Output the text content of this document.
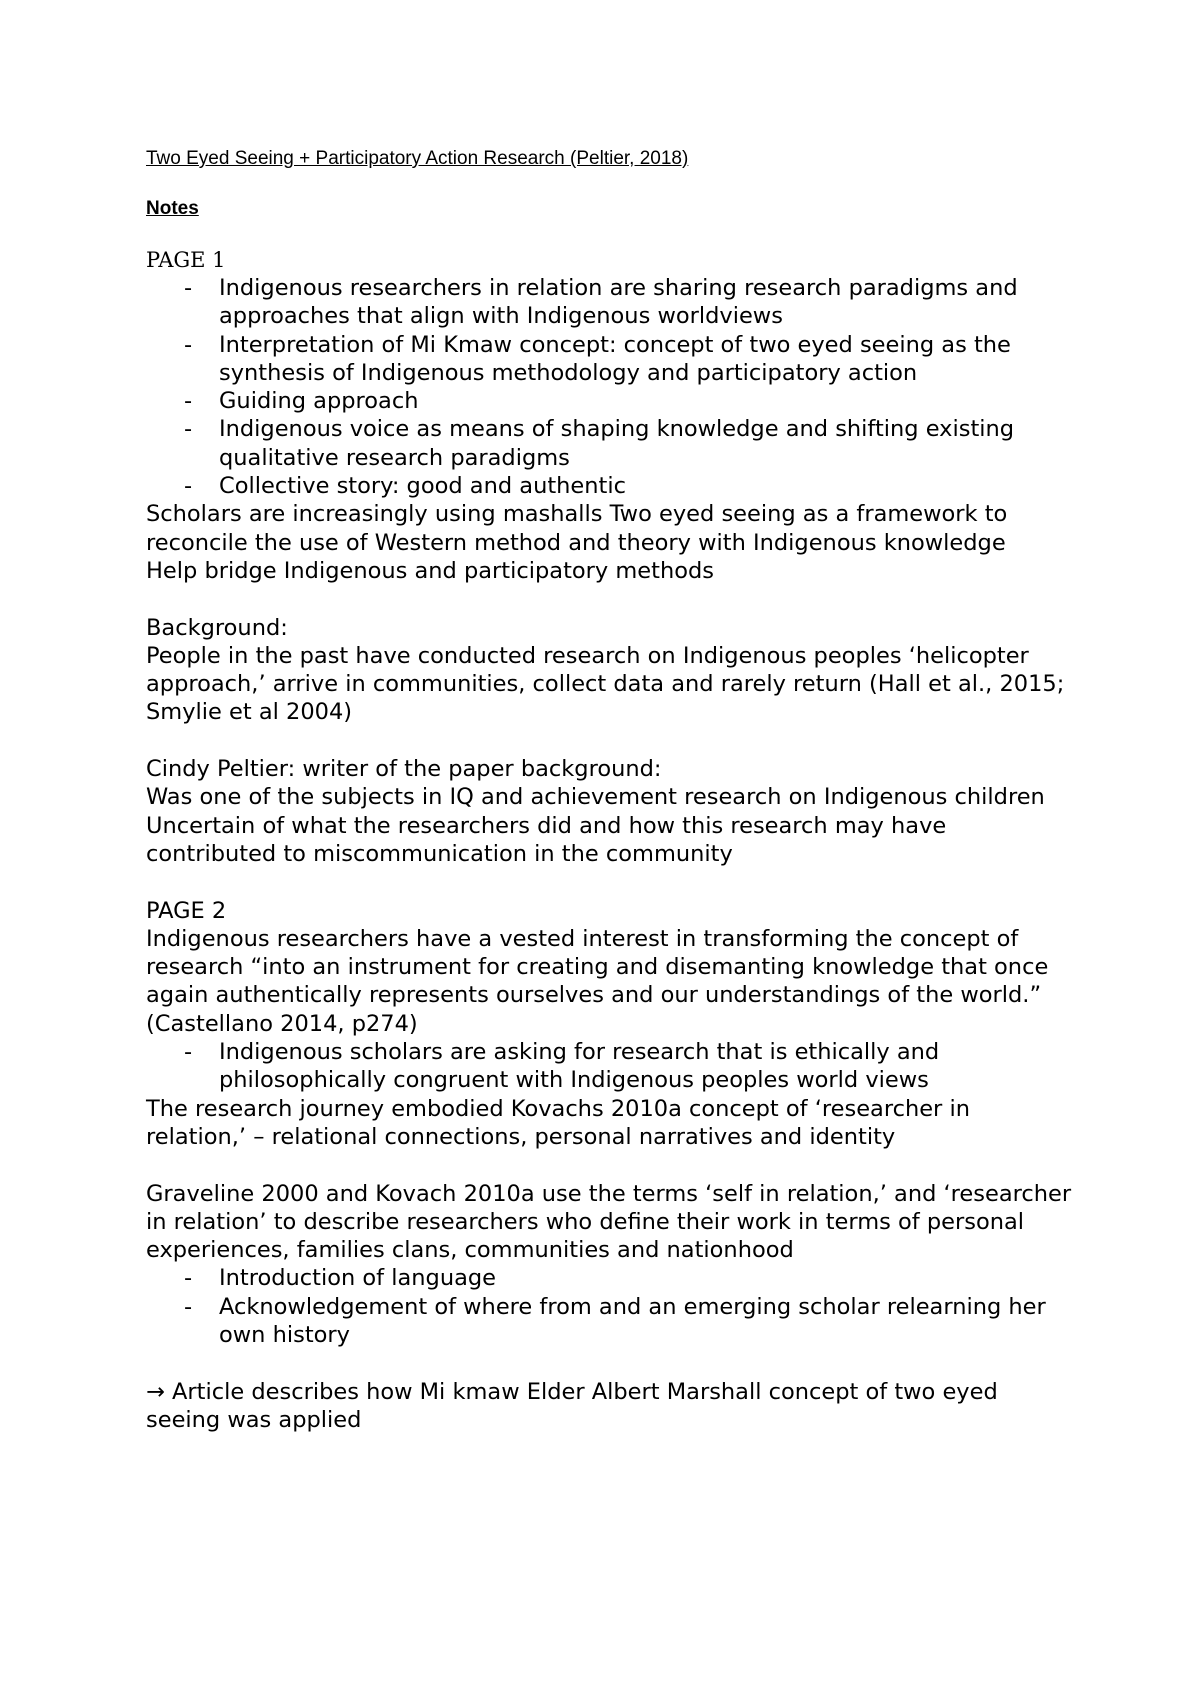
Two Eyed Seeing + Participatory Action Research (Peltier, 2018)
Notes
PAGE 1
- Indigenous researchers in relation are sharing research paradigms and approaches that align with Indigenous worldviews
- Interpretation of Mi Kmaw concept: concept of two eyed seeing as the synthesis of Indigenous methodology and participatory action
- Guiding approach
- Indigenous voice as means of shaping knowledge and shifting existing qualitative research paradigms
- Collective story: good and authentic

Scholars are increasingly using mashalls Two eyed seeing as a framework to reconcile the use of Western method and theory with Indigenous knowledge

Help bridge Indigenous and participatory methods

Background:

People in the past have conducted research on Indigenous peoples ‘helicopter approach,’ arrive in communities, collect data and rarely return (Hall et al., 2015; Smylie et al 2004)

Cindy Peltier: writer of the paper background:

Was one of the subjects in IQ and achievement research on Indigenous children

Uncertain of what the researchers did and how this research may have contributed to miscommunication in the community

PAGE 2

Indigenous researchers have a vested interest in transforming the concept of research “into an instrument for creating and disemanting knowledge that once again authentically represents ourselves and our understandings of the world.” (Castellano 2014, p274)

- Indigenous scholars are asking for research that is ethically and philosophically congruent with Indigenous peoples world views

The research journey embodied Kovachs 2010a concept of ‘researcher in relation,’ – relational connections, personal narratives and identity

Graveline 2000 and Kovach 2010a use the terms ‘self in relation,’ and ‘researcher in relation’ to describe researchers who define their work in terms of personal experiences, families clans, communities and nationhood

- Introduction of language
- Acknowledgement of where from and an emerging scholar relearning her own history

→ Article describes how Mi kmaw Elder Albert Marshall concept of two eyed seeing was applied
